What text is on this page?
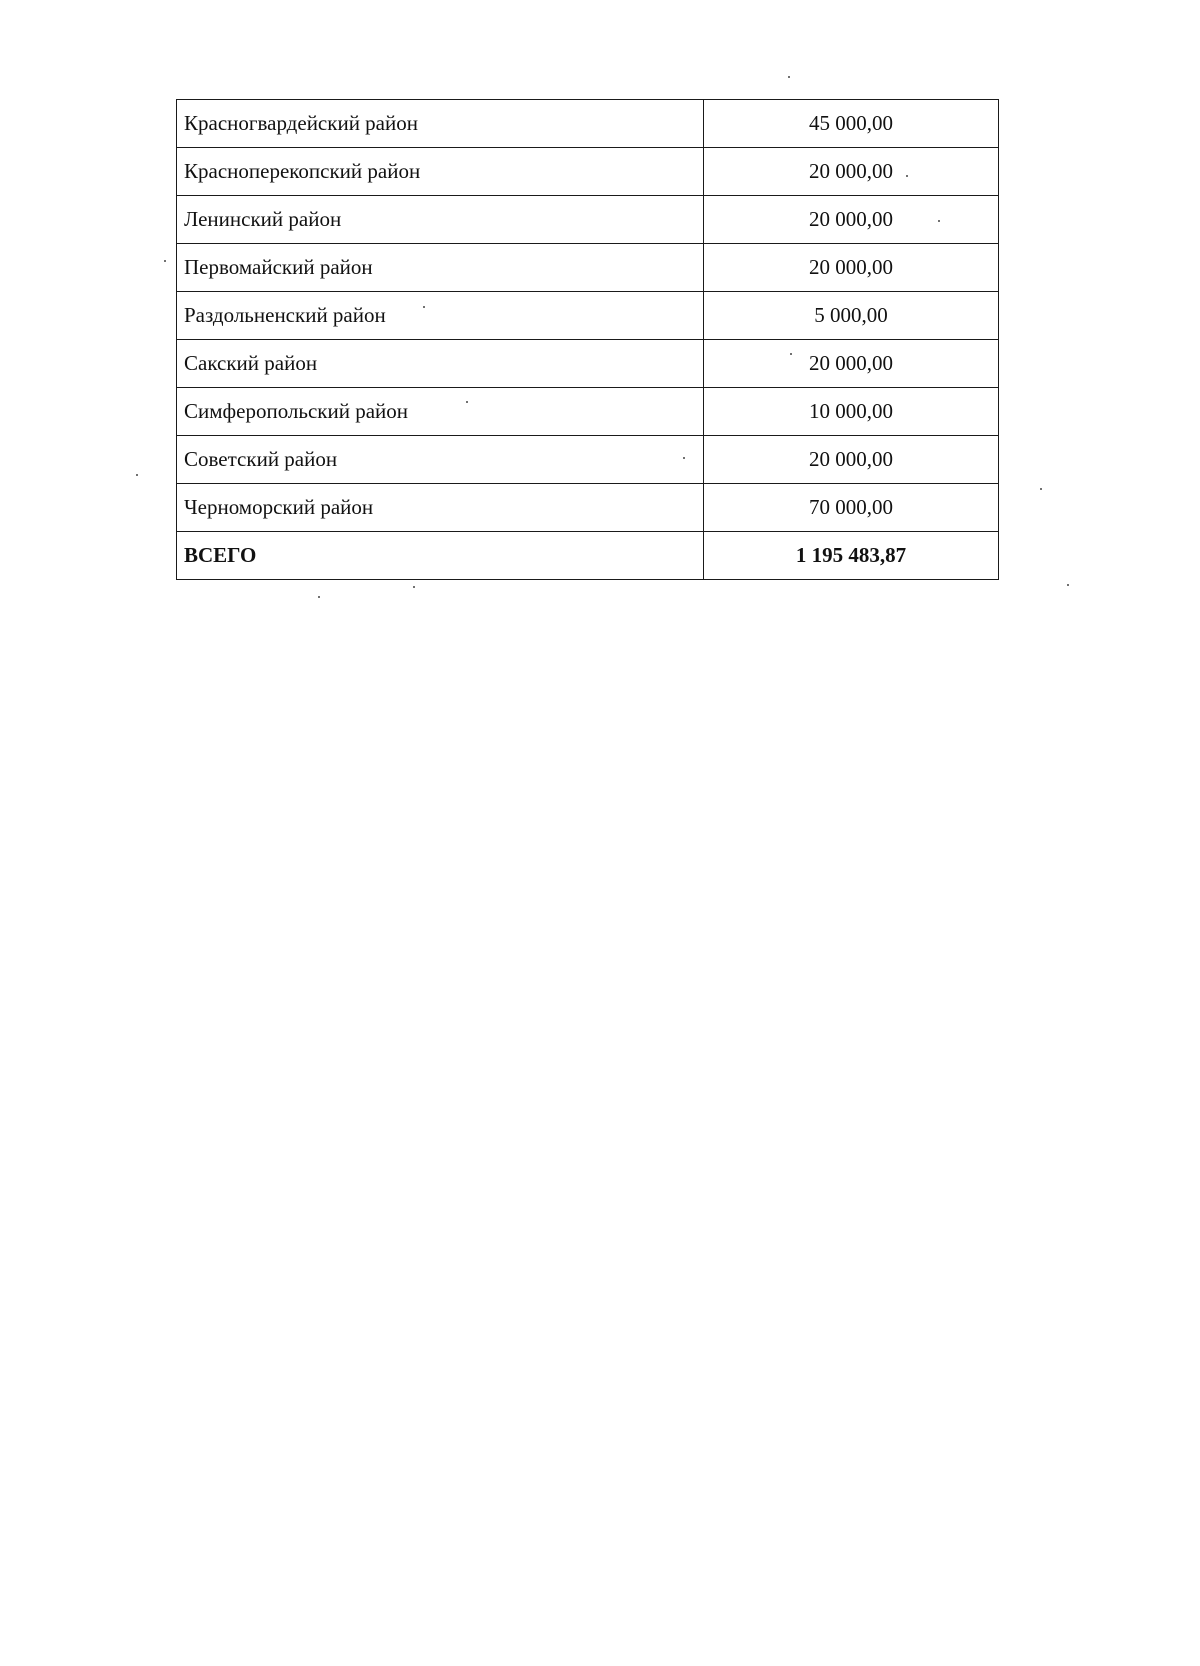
Красногвардейский район	45 000,00
Красноперекопский район	20 000,00
Ленинский район	20 000,00
Первомайский район	20 000,00
Раздольненский район	5 000,00
Сакский район	20 000,00
Симферопольский район	10 000,00
Советский район	20 000,00
Черноморский район	70 000,00
ВСЕГО	1 195 483,87
